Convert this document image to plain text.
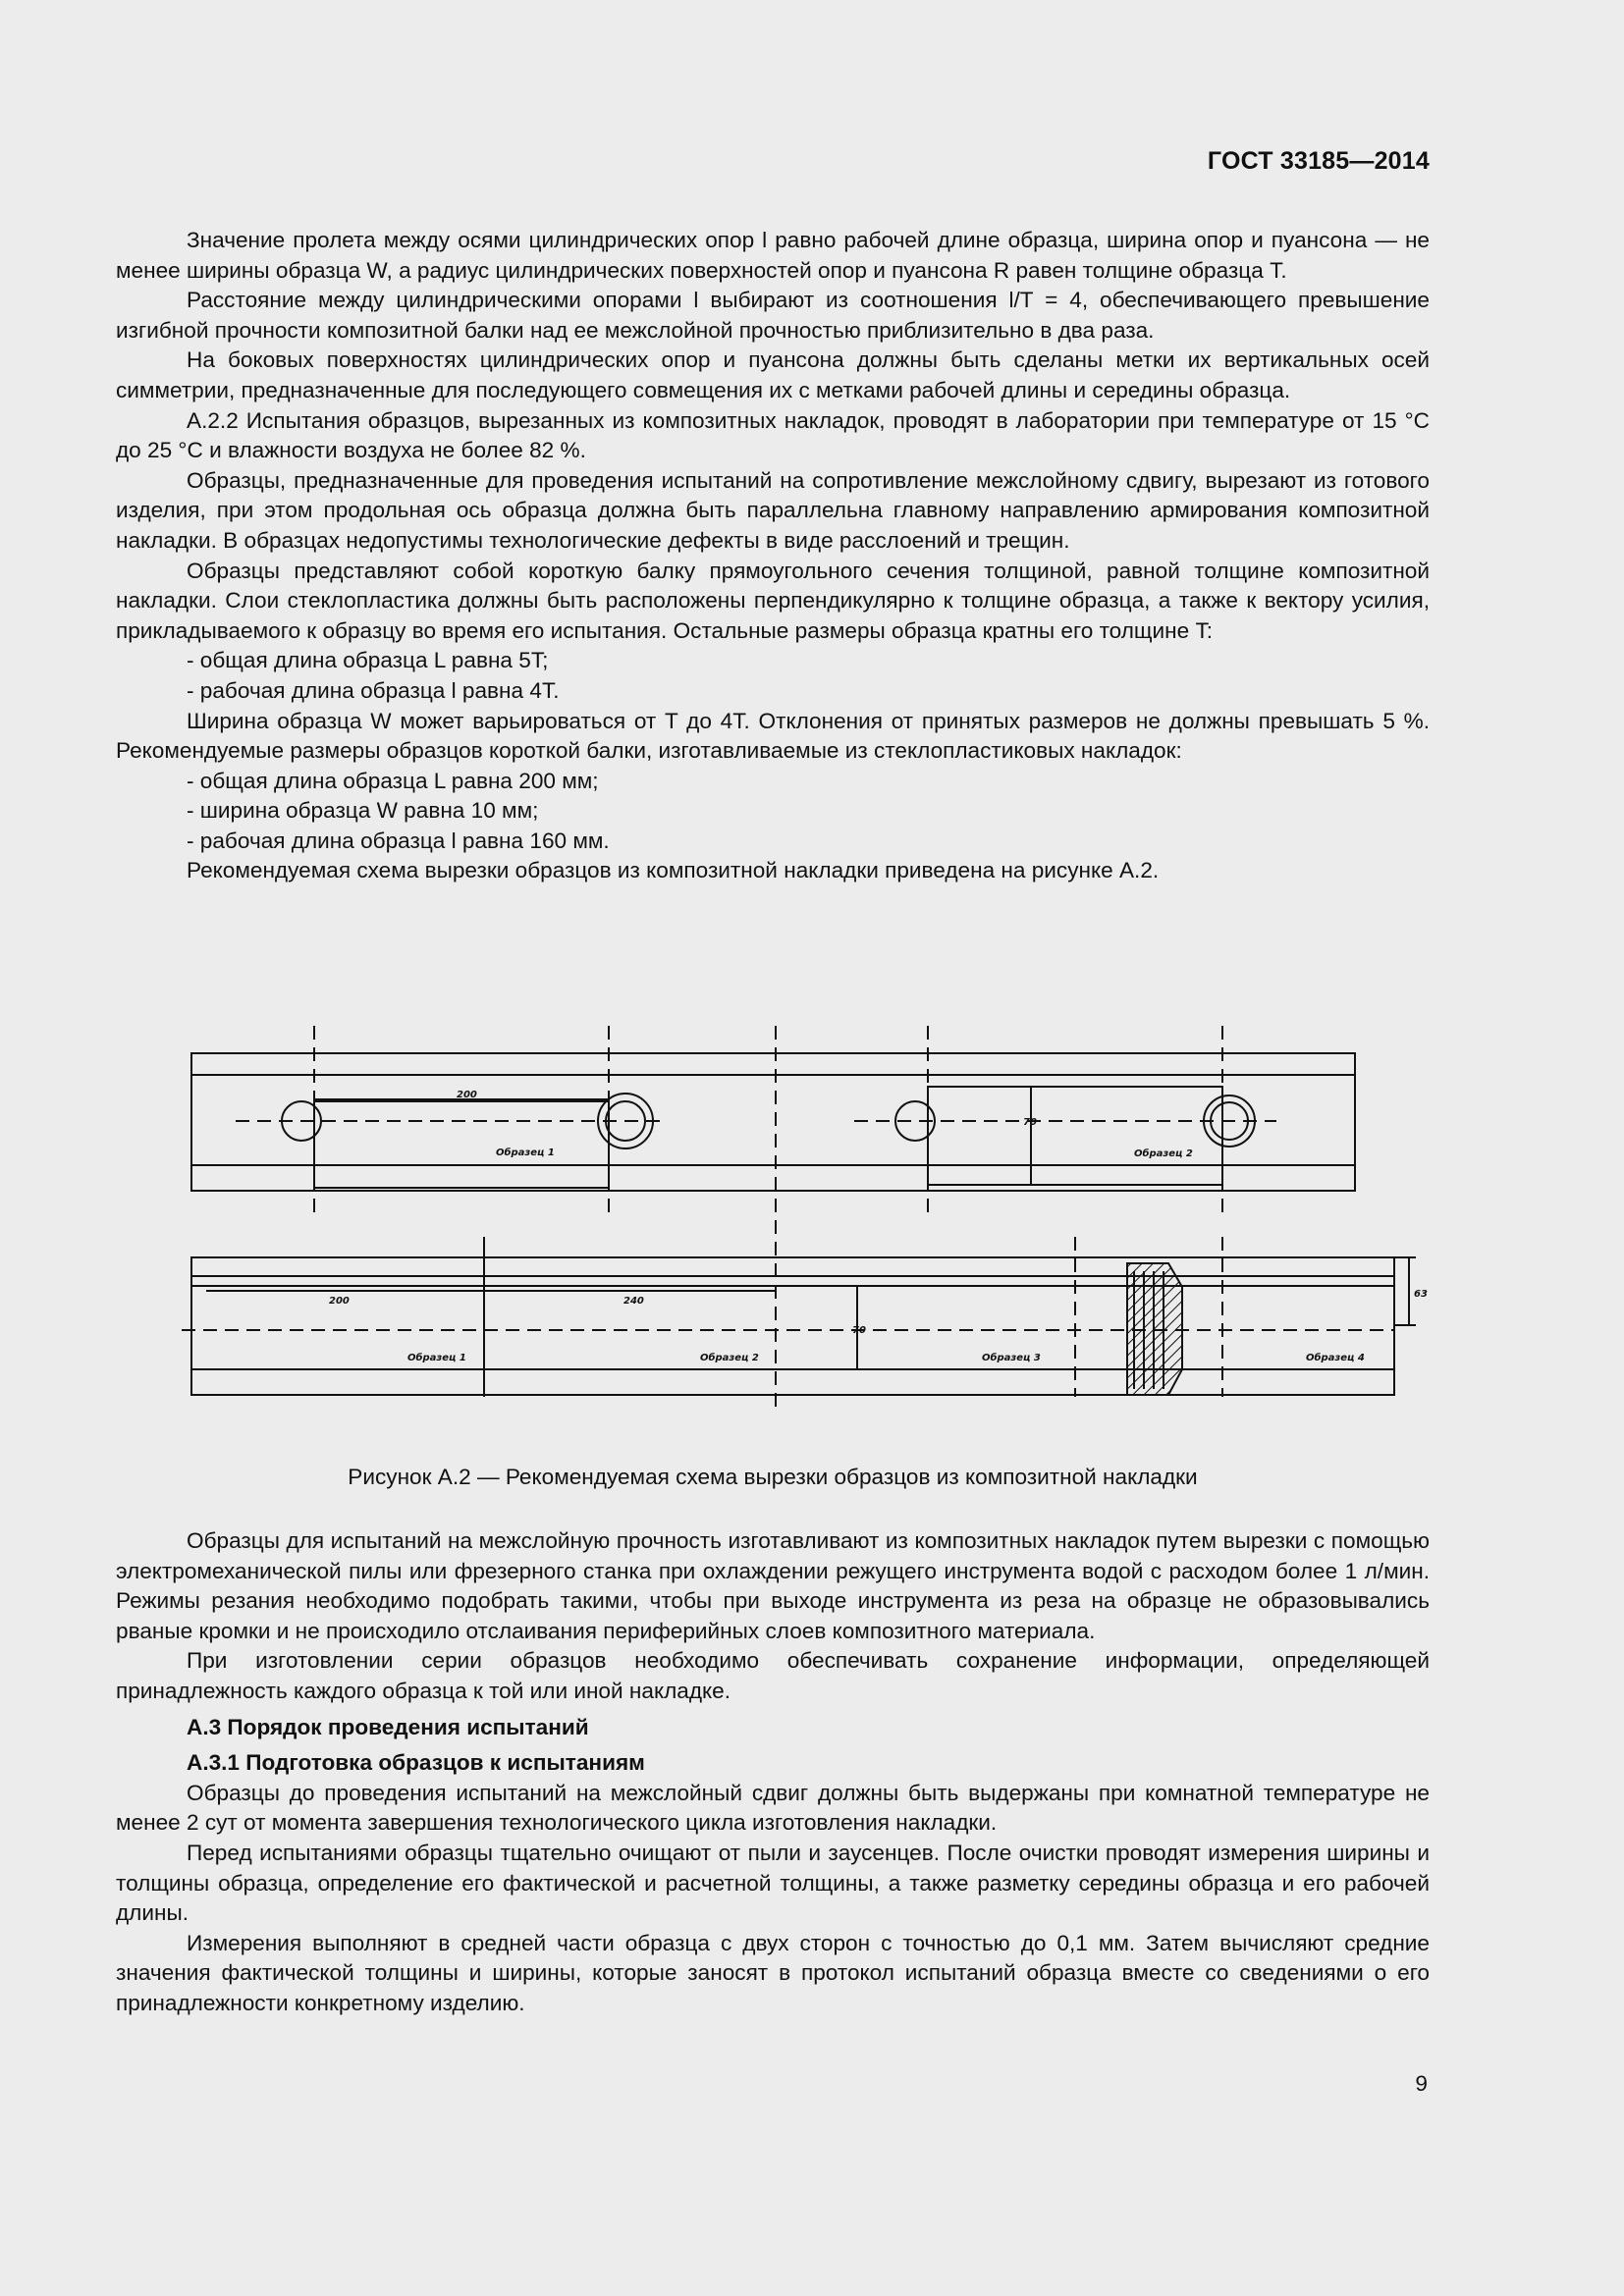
ГОСТ 33185—2014

Значение пролета между осями цилиндрических опор l равно рабочей длине образца, ширина опор и пуансона — не менее ширины образца W, а радиус цилиндрических поверхностей опор и пуансона R равен толщине образца T.

Расстояние между цилиндрическими опорами l выбирают из соотношения l/T = 4, обеспечивающего превышение изгибной прочности композитной балки над ее межслойной прочностью приблизительно в два раза.

На боковых поверхностях цилиндрических опор и пуансона должны быть сделаны метки их вертикальных осей симметрии, предназначенные для последующего совмещения их с метками рабочей длины и середины образца.

А.2.2 Испытания образцов, вырезанных из композитных накладок, проводят в лаборатории при температуре от 15 °С до 25 °С и влажности воздуха не более 82 %.

Образцы, предназначенные для проведения испытаний на сопротивление межслойному сдвигу, вырезают из готового изделия, при этом продольная ось образца должна быть параллельна главному направлению армирования композитной накладки. В образцах недопустимы технологические дефекты в виде расслоений и трещин.

Образцы представляют собой короткую балку прямоугольного сечения толщиной, равной толщине композитной накладки. Слои стеклопластика должны быть расположены перпендикулярно к толщине образца, а также к вектору усилия, прикладываемого к образцу во время его испытания. Остальные размеры образца кратны его толщине T:

- общая длина образца L равна 5T;

- рабочая длина образца l равна 4T.

Ширина образца W может варьироваться от T до 4T. Отклонения от принятых размеров не должны превышать 5 %. Рекомендуемые размеры образцов короткой балки, изготавливаемые из стеклопластиковых накладок:

- общая длина образца L равна 200 мм;

- ширина образца W равна 10 мм;

- рабочая длина образца l равна 160 мм.

Рекомендуемая схема вырезки образцов из композитной накладки приведена на рисунке А.2.

200
70
Образец 1	Образец 2
200	240
70
63
Образец 1	Образец 2	Образец 3	Образец 4
Рисунок А.2 — Рекомендуемая схема вырезки образцов из композитной накладки

Образцы для испытаний на межслойную прочность изготавливают из композитных накладок путем вырезки с помощью электромеханической пилы или фрезерного станка при охлаждении режущего инструмента водой с расходом более 1 л/мин. Режимы резания необходимо подобрать такими, чтобы при выходе инструмента из реза на образце не образовывались рваные кромки и не происходило отслаивания периферийных слоев композитного материала.

При изготовлении серии образцов необходимо обеспечивать сохранение информации, определяющей принадлежность каждого образца к той или иной накладке.

А.3 Порядок проведения испытаний

А.3.1 Подготовка образцов к испытаниям

Образцы до проведения испытаний на межслойный сдвиг должны быть выдержаны при комнатной температуре не менее 2 сут от момента завершения технологического цикла изготовления накладки.

Перед испытаниями образцы тщательно очищают от пыли и заусенцев. После очистки проводят измерения ширины и толщины образца, определение его фактической и расчетной толщины, а также разметку середины образца и его рабочей длины.

Измерения выполняют в средней части образца с двух сторон с точностью до 0,1 мм. Затем вычисляют средние значения фактической толщины и ширины, которые заносят в протокол испытаний образца вместе со сведениями о его принадлежности конкретному изделию.

9
